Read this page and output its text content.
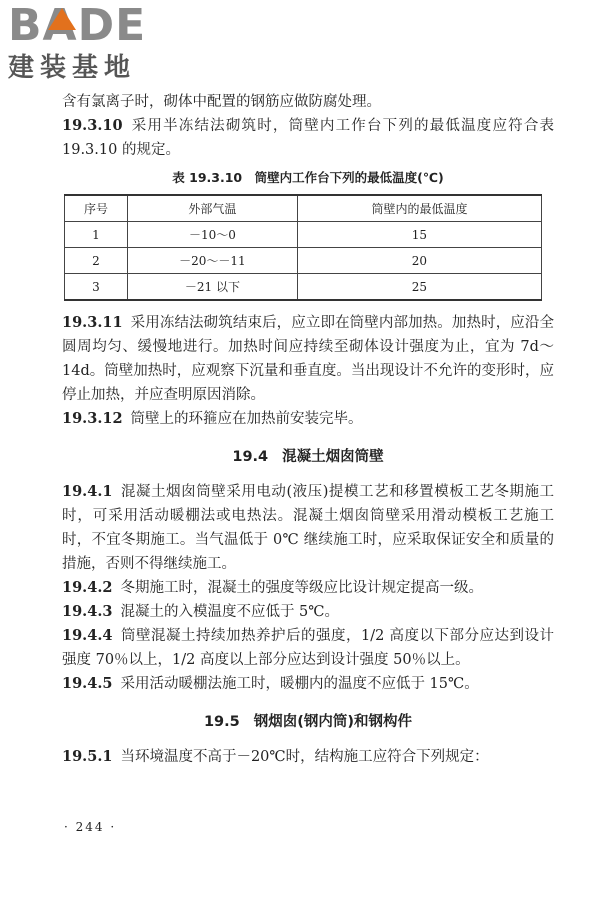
BADE
建装基地

含有氯离子时，砌体中配置的钢筋应做防腐处理。

19.3.10 采用半冻结法砌筑时，筒壁内工作台下列的最低温度应符合表 19.3.10 的规定。

表 19.3.10　筒壁内工作台下列的最低温度(℃)
序号	外部气温	筒壁内的最低温度
1	－10～0	15
2	－20～－11	20
3	－21 以下	25

19.3.11 采用冻结法砌筑结束后，应立即在筒壁内部加热。加热时，应沿全圆周均匀、缓慢地进行。加热时间应持续至砌体设计强度为止，宜为 7d～14d。筒壁加热时，应观察下沉量和垂直度。当出现设计不允许的变形时，应停止加热，并应查明原因消除。

19.3.12 筒壁上的环箍应在加热前安装完毕。

19.4 混凝土烟囱筒壁

19.4.1 混凝土烟囱筒壁采用电动(液压)提模工艺和移置模板工艺冬期施工时，可采用活动暖棚法或电热法。混凝土烟囱筒壁采用滑动模板工艺施工时，不宜冬期施工。当气温低于 0℃ 继续施工时，应采取保证安全和质量的措施，否则不得继续施工。

19.4.2 冬期施工时，混凝土的强度等级应比设计规定提高一级。

19.4.3 混凝土的入模温度不应低于 5℃。

19.4.4 筒壁混凝土持续加热养护后的强度，1/2 高度以下部分应达到设计强度 70％以上，1/2 高度以上部分应达到设计强度 50％以上。

19.4.5 采用活动暖棚法施工时，暖棚内的温度不应低于 15℃。

19.5 钢烟囱(钢内筒)和钢构件

19.5.1 当环境温度不高于－20℃时，结构施工应符合下列规定：

· 244 ·
